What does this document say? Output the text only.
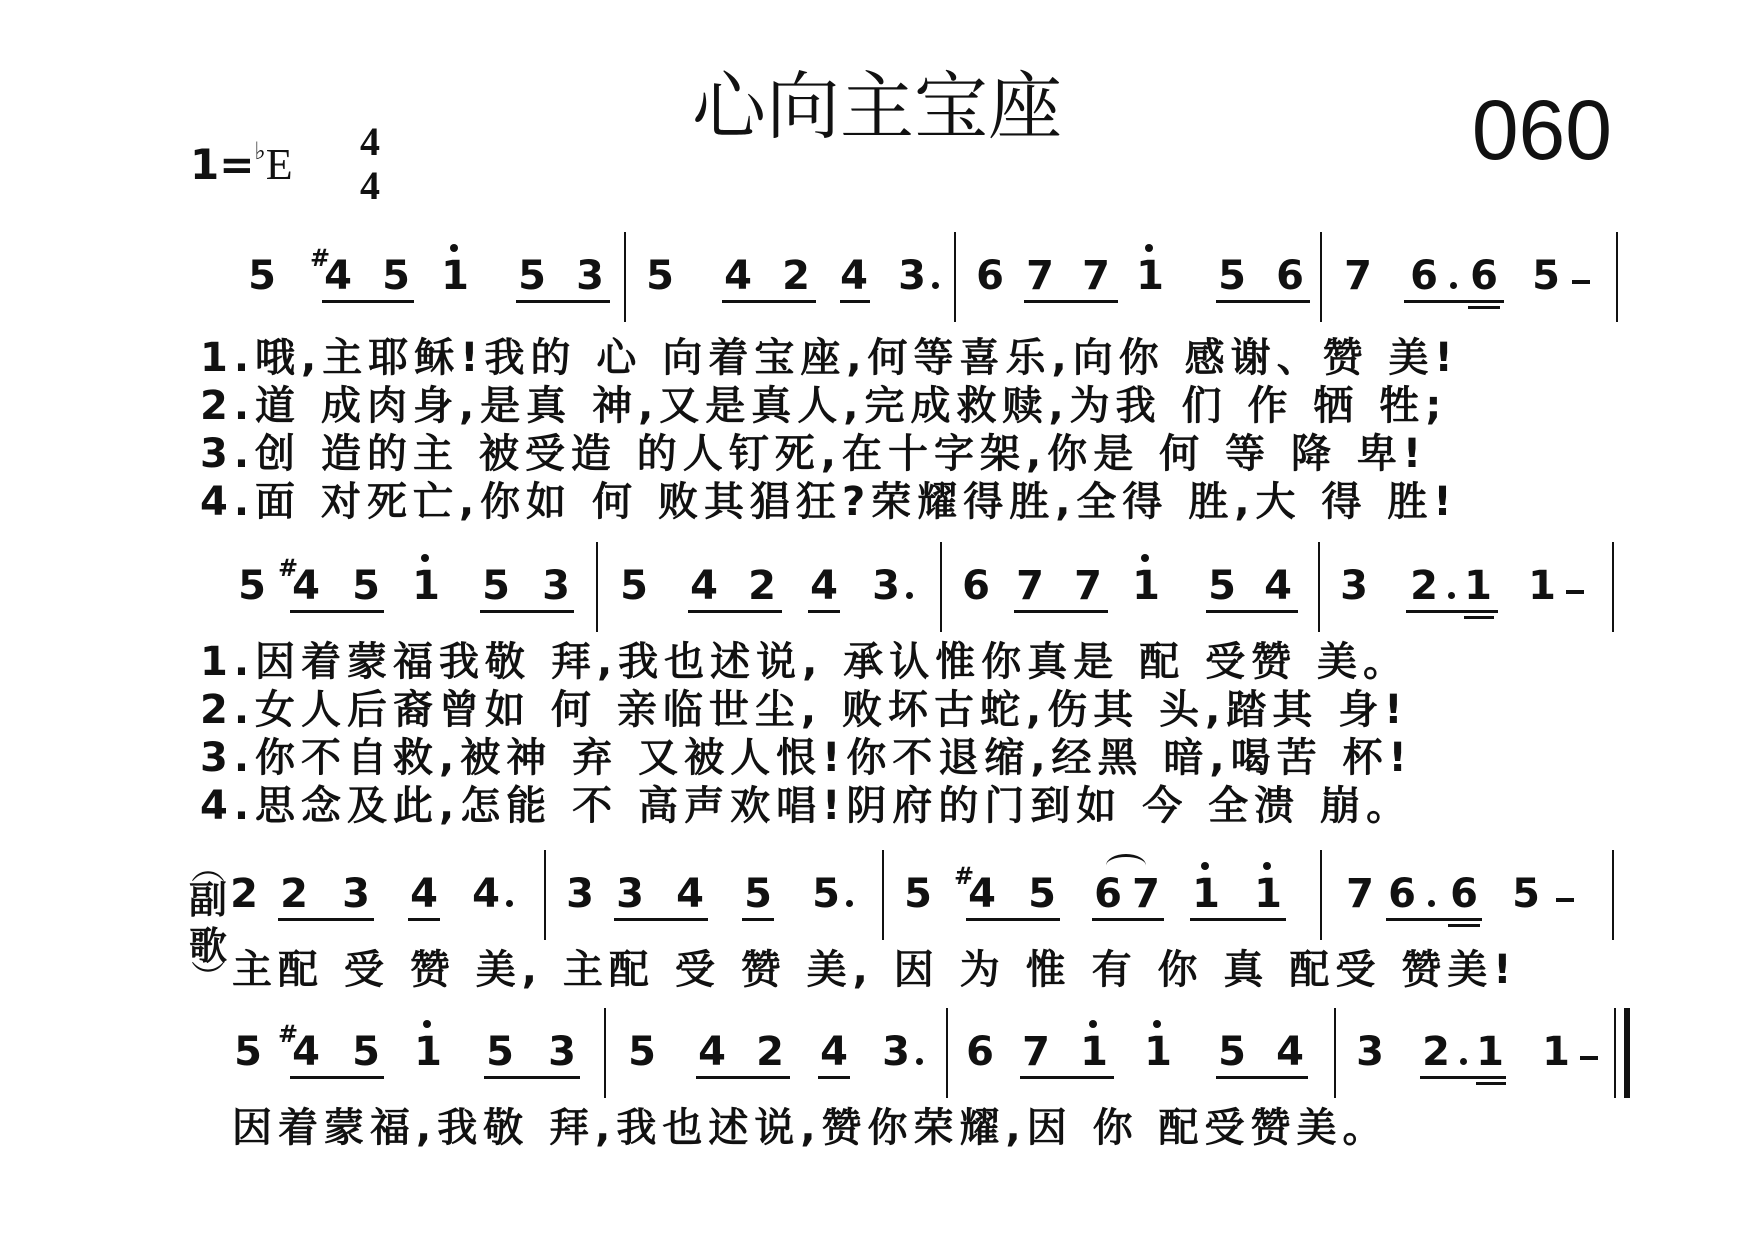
心向主宝座	060
1=♭E 4
4
5 #
4 5 1 5 3 5 4 2 4 3 6 7 7 1 5 6 7 6 6 5
1.哦,主耶稣!我的 心 向着宝座,何等喜乐,向你 感谢、赞 美!
2.道 成肉身,是真 神,又是真人,完成救赎,为我 们 作 牺 牲;
3.创 造的主 被受造 的人钉死,在十字架,你是 何 等 降 卑!
4.面 对死亡,你如 何 败其猖狂?荣耀得胜,全得 胜,大 得 胜!
5 #
4 5 1 5 3 5 4 2 4 3 6 7 7 1 5 4 3 2 1 1
1.因着蒙福我敬 拜,我也述说, 承认惟你真是 配 受赞 美。
2.女人后裔曾如 何 亲临世尘, 败坏古蛇,伤其 头,踏其 身!
3.你不自救,被神 弃 又被人恨!你不退缩,经黑 暗,喝苦 杯!
4.思念及此,怎能 不 高声欢唱!阴府的门到如 今 全溃 崩。
︵
副歌
︶
2 2 3 4 4 3 3 4 5 5 5 #
4 5 6 7 1 1 7 6 6 5
主配 受 赞 美, 主配 受 赞 美, 因 为 惟 有 你 真 配受 赞美!
5 #
4 5 1 5 3 5 4 2 4 3 6 7 1 1 5 4 3 2 1 1
因着蒙福,我敬 拜,我也述说,赞你荣耀,因 你 配受赞美。
